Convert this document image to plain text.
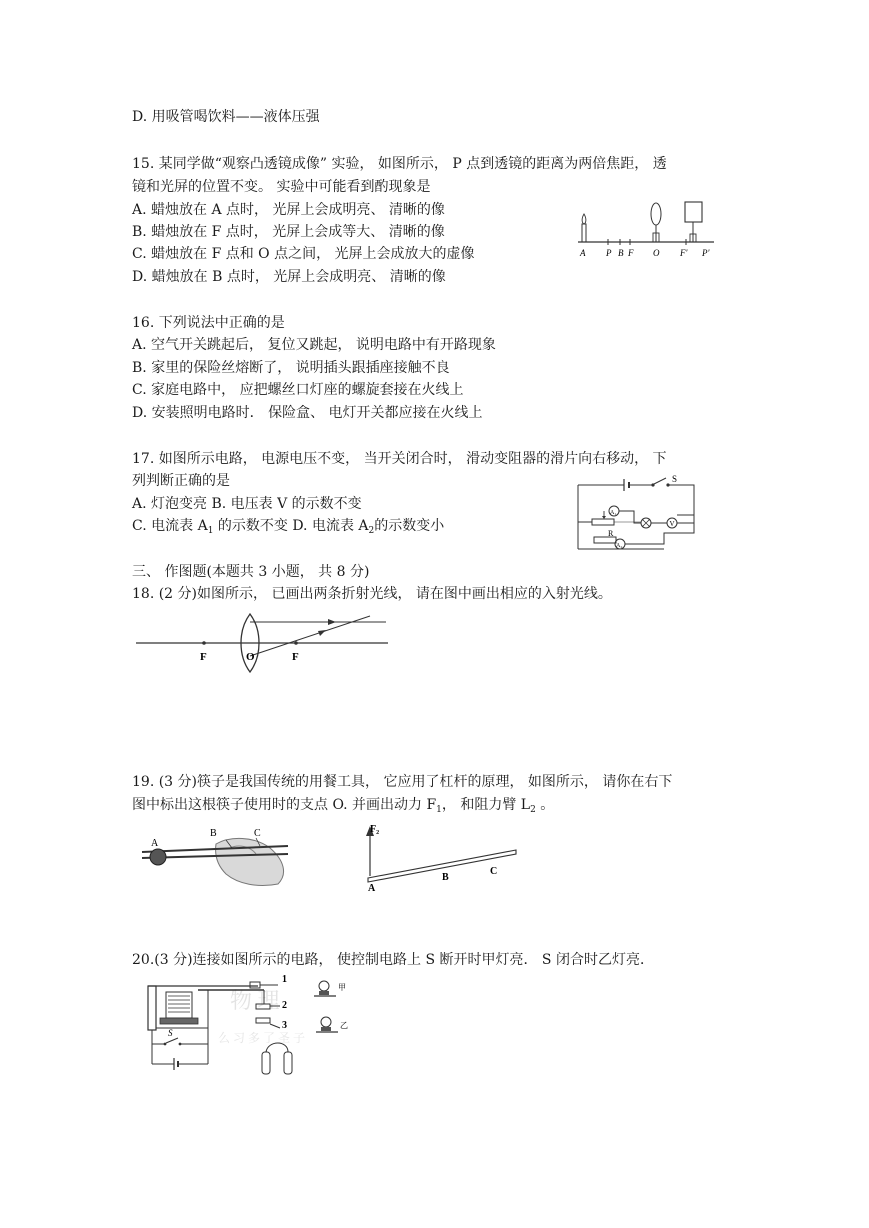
D. 用吸管喝饮料——液体压强
15. 某同学做“观察凸透镜成像” 实验， 如图所示， P 点到透镜的距离为两倍焦距， 透
镜和光屏的位置不变。 实验中可能看到酌现象是
A. 蜡烛放在 A 点时， 光屏上会成明亮、 清晰的像
B. 蜡烛放在 F 点时， 光屏上会成等大、 清晰的像
C. 蜡烛放在 F 点和 O 点之间， 光屏上会成放大的虚像
D. 蜡烛放在 B 点时， 光屏上会成明亮、 清晰的像
A P B F O F' P'
16. 下列说法中正确的是
A. 空气开关跳起后， 复位又跳起， 说明电路中有开路现象
B. 家里的保险丝熔断了， 说明插头跟插座接触不良
C. 家庭电路中， 应把螺丝口灯座的螺旋套接在火线上
D. 安装照明电路时． 保险盒、 电灯开关都应接在火线上
17. 如图所示电路， 电源电压不变， 当开关闭合时， 滑动变阻器的滑片向右移动， 下
列判断正确的是
A. 灯泡变亮 B. 电压表 V 的示数不变
C. 电流表 $A_1$ 的示数不变 D. 电流表 $A_2$的示数变小
S
A₁
V
R
A₂
三、 作图题(本题共 3 小题， 共 8 分)
18. (2 分)如图所示， 已画出两条折射光线， 请在图中画出相应的入射光线。
F	O	F
19. (3 分)筷子是我国传统的用餐工具， 它应用了杠杆的原理， 如图所示， 请你在右下
图中标出这根筷子使用时的支点 O. 并画出动力 $F_1$， 和阻力臂 $L_2$ 。
A
B	C	F₂
A
B
C
20.(3 分)连接如图所示的电路， 使控制电路上 S 断开时甲灯亮． S 闭合时乙灯亮．
物 理
么 习 多 了 圣 子
1
2
3
甲
乙
S
